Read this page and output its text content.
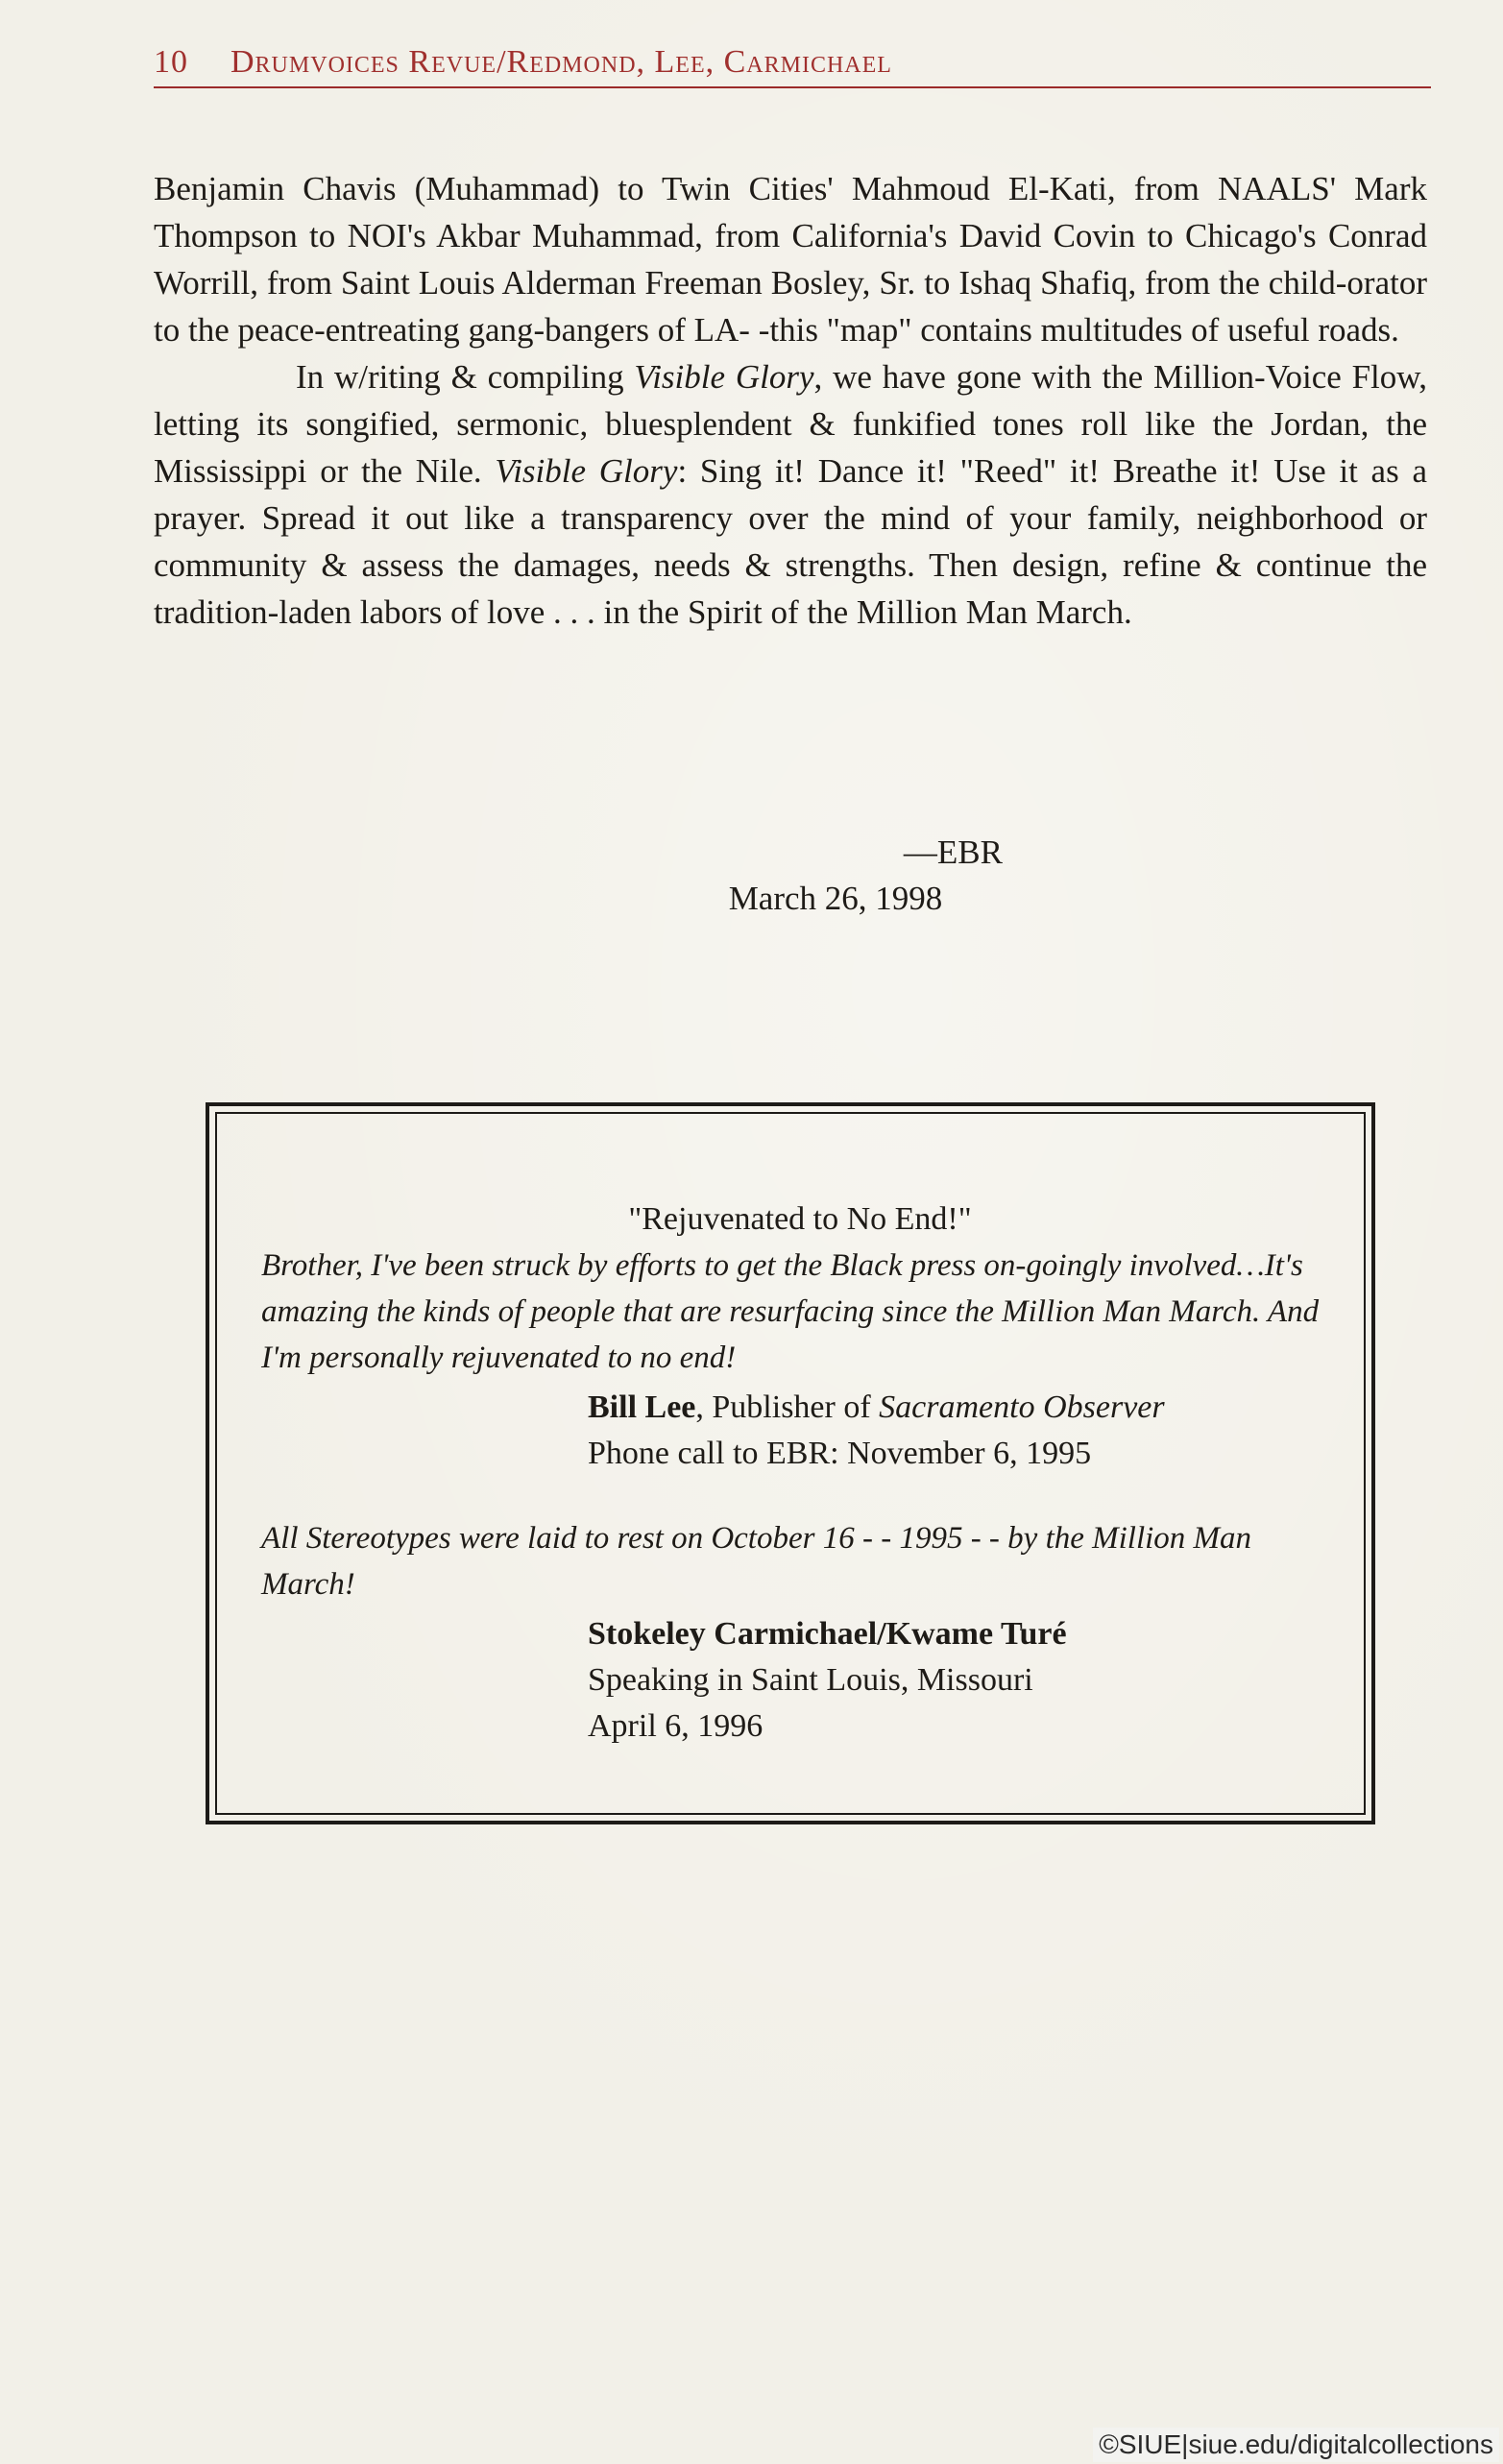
10 Drumvoices Revue/Redmond, Lee, Carmichael

Benjamin Chavis (Muhammad) to Twin Cities' Mahmoud El-Kati, from NAALS' Mark Thompson to NOI's Akbar Muhammad, from California's David Covin to Chicago's Conrad Worrill, from Saint Louis Alderman Freeman Bosley, Sr. to Ishaq Shafiq, from the child-orator to the peace-entreating gang-bangers of LA- -this "map" contains multitudes of useful roads.

In w/riting & compiling Visible Glory, we have gone with the Million-Voice Flow, letting its songified, sermonic, bluesplendent & funkified tones roll like the Jordan, the Mississippi or the Nile. Visible Glory: Sing it! Dance it! "Reed" it! Breathe it! Use it as a prayer. Spread it out like a transparency over the mind of your family, neighborhood or community & assess the damages, needs & strengths. Then design, refine & continue the tradition-laden labors of love . . . in the Spirit of the Million Man March.

—EBR
March 26, 1998
"Rejuvenated to No End!"
Brother, I've been struck by efforts to get the Black press on-goingly involved…It's amazing the kinds of people that are resurfacing since the Million Man March. And I'm personally rejuvenated to no end!
Bill Lee, Publisher of Sacramento Observer
Phone call to EBR: November 6, 1995
All Stereotypes were laid to rest on October 16 - - 1995 - - by the Million Man March!
Stokeley Carmichael/Kwame Turé
Speaking in Saint Louis, Missouri
April 6, 1996
©SIUE|siue.edu/digitalcollections
